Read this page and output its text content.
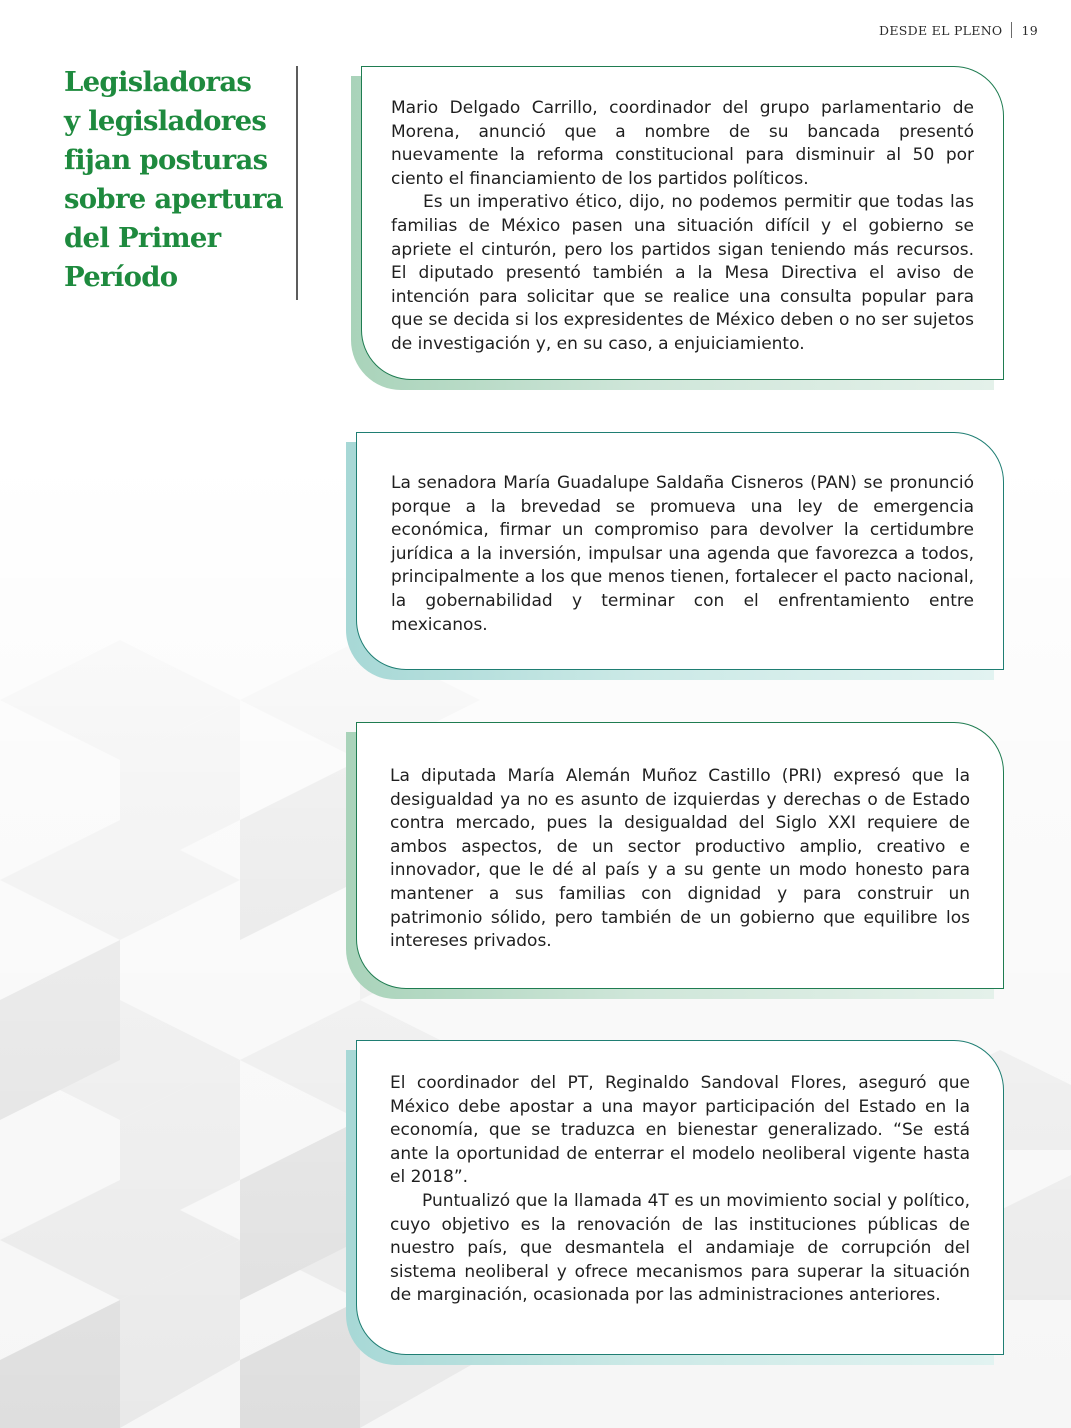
DESDE EL PLENO 19
Legisladoras
y legisladores
fijan posturas
sobre apertura
del Primer
Período

Mario Delgado Carrillo, coordinador del grupo parlamentario de Morena, anunció que a nombre de su bancada presentó nuevamente la reforma constitucional para disminuir al 50 por ciento el financiamiento de los partidos políticos.

Es un imperativo ético, dijo, no podemos permitir que todas las familias de México pasen una situación difícil y el gobierno se apriete el cinturón, pero los partidos sigan teniendo más recursos. El diputado presentó también a la Mesa Directiva el aviso de intención para solicitar que se realice una consulta popular para que se decida si los expresidentes de México deben o no ser sujetos de investigación y, en su caso, a enjuiciamiento.

La senadora María Guadalupe Saldaña Cisneros (PAN) se pronunció porque a la brevedad se promueva una ley de emergencia económica, firmar un compromiso para devolver la certidumbre jurídica a la inversión, impulsar una agenda que favorezca a todos, principalmente a los que menos tienen, fortalecer el pacto nacional, la gobernabilidad y terminar con el enfrentamiento entre mexicanos.

La diputada María Alemán Muñoz Castillo (PRI) expresó que la desigualdad ya no es asunto de izquierdas y derechas o de Estado contra mercado, pues la desigualdad del Siglo XXI requiere de ambos aspectos, de un sector productivo amplio, creativo e innovador, que le dé al país y a su gente un modo honesto para mantener a sus familias con dignidad y para construir un patrimonio sólido, pero también de un gobierno que equilibre los intereses privados.

El coordinador del PT, Reginaldo Sandoval Flores, aseguró que México debe apostar a una mayor participación del Estado en la economía, que se traduzca en bienestar generalizado. “Se está ante la oportunidad de enterrar el modelo neoliberal vigente hasta el 2018”.

Puntualizó que la llamada 4T es un movimiento social y político, cuyo objetivo es la renovación de las instituciones públicas de nuestro país, que desmantela el andamiaje de corrupción del sistema neoliberal y ofrece mecanismos para superar la situación de marginación, ocasionada por las administraciones anteriores.
